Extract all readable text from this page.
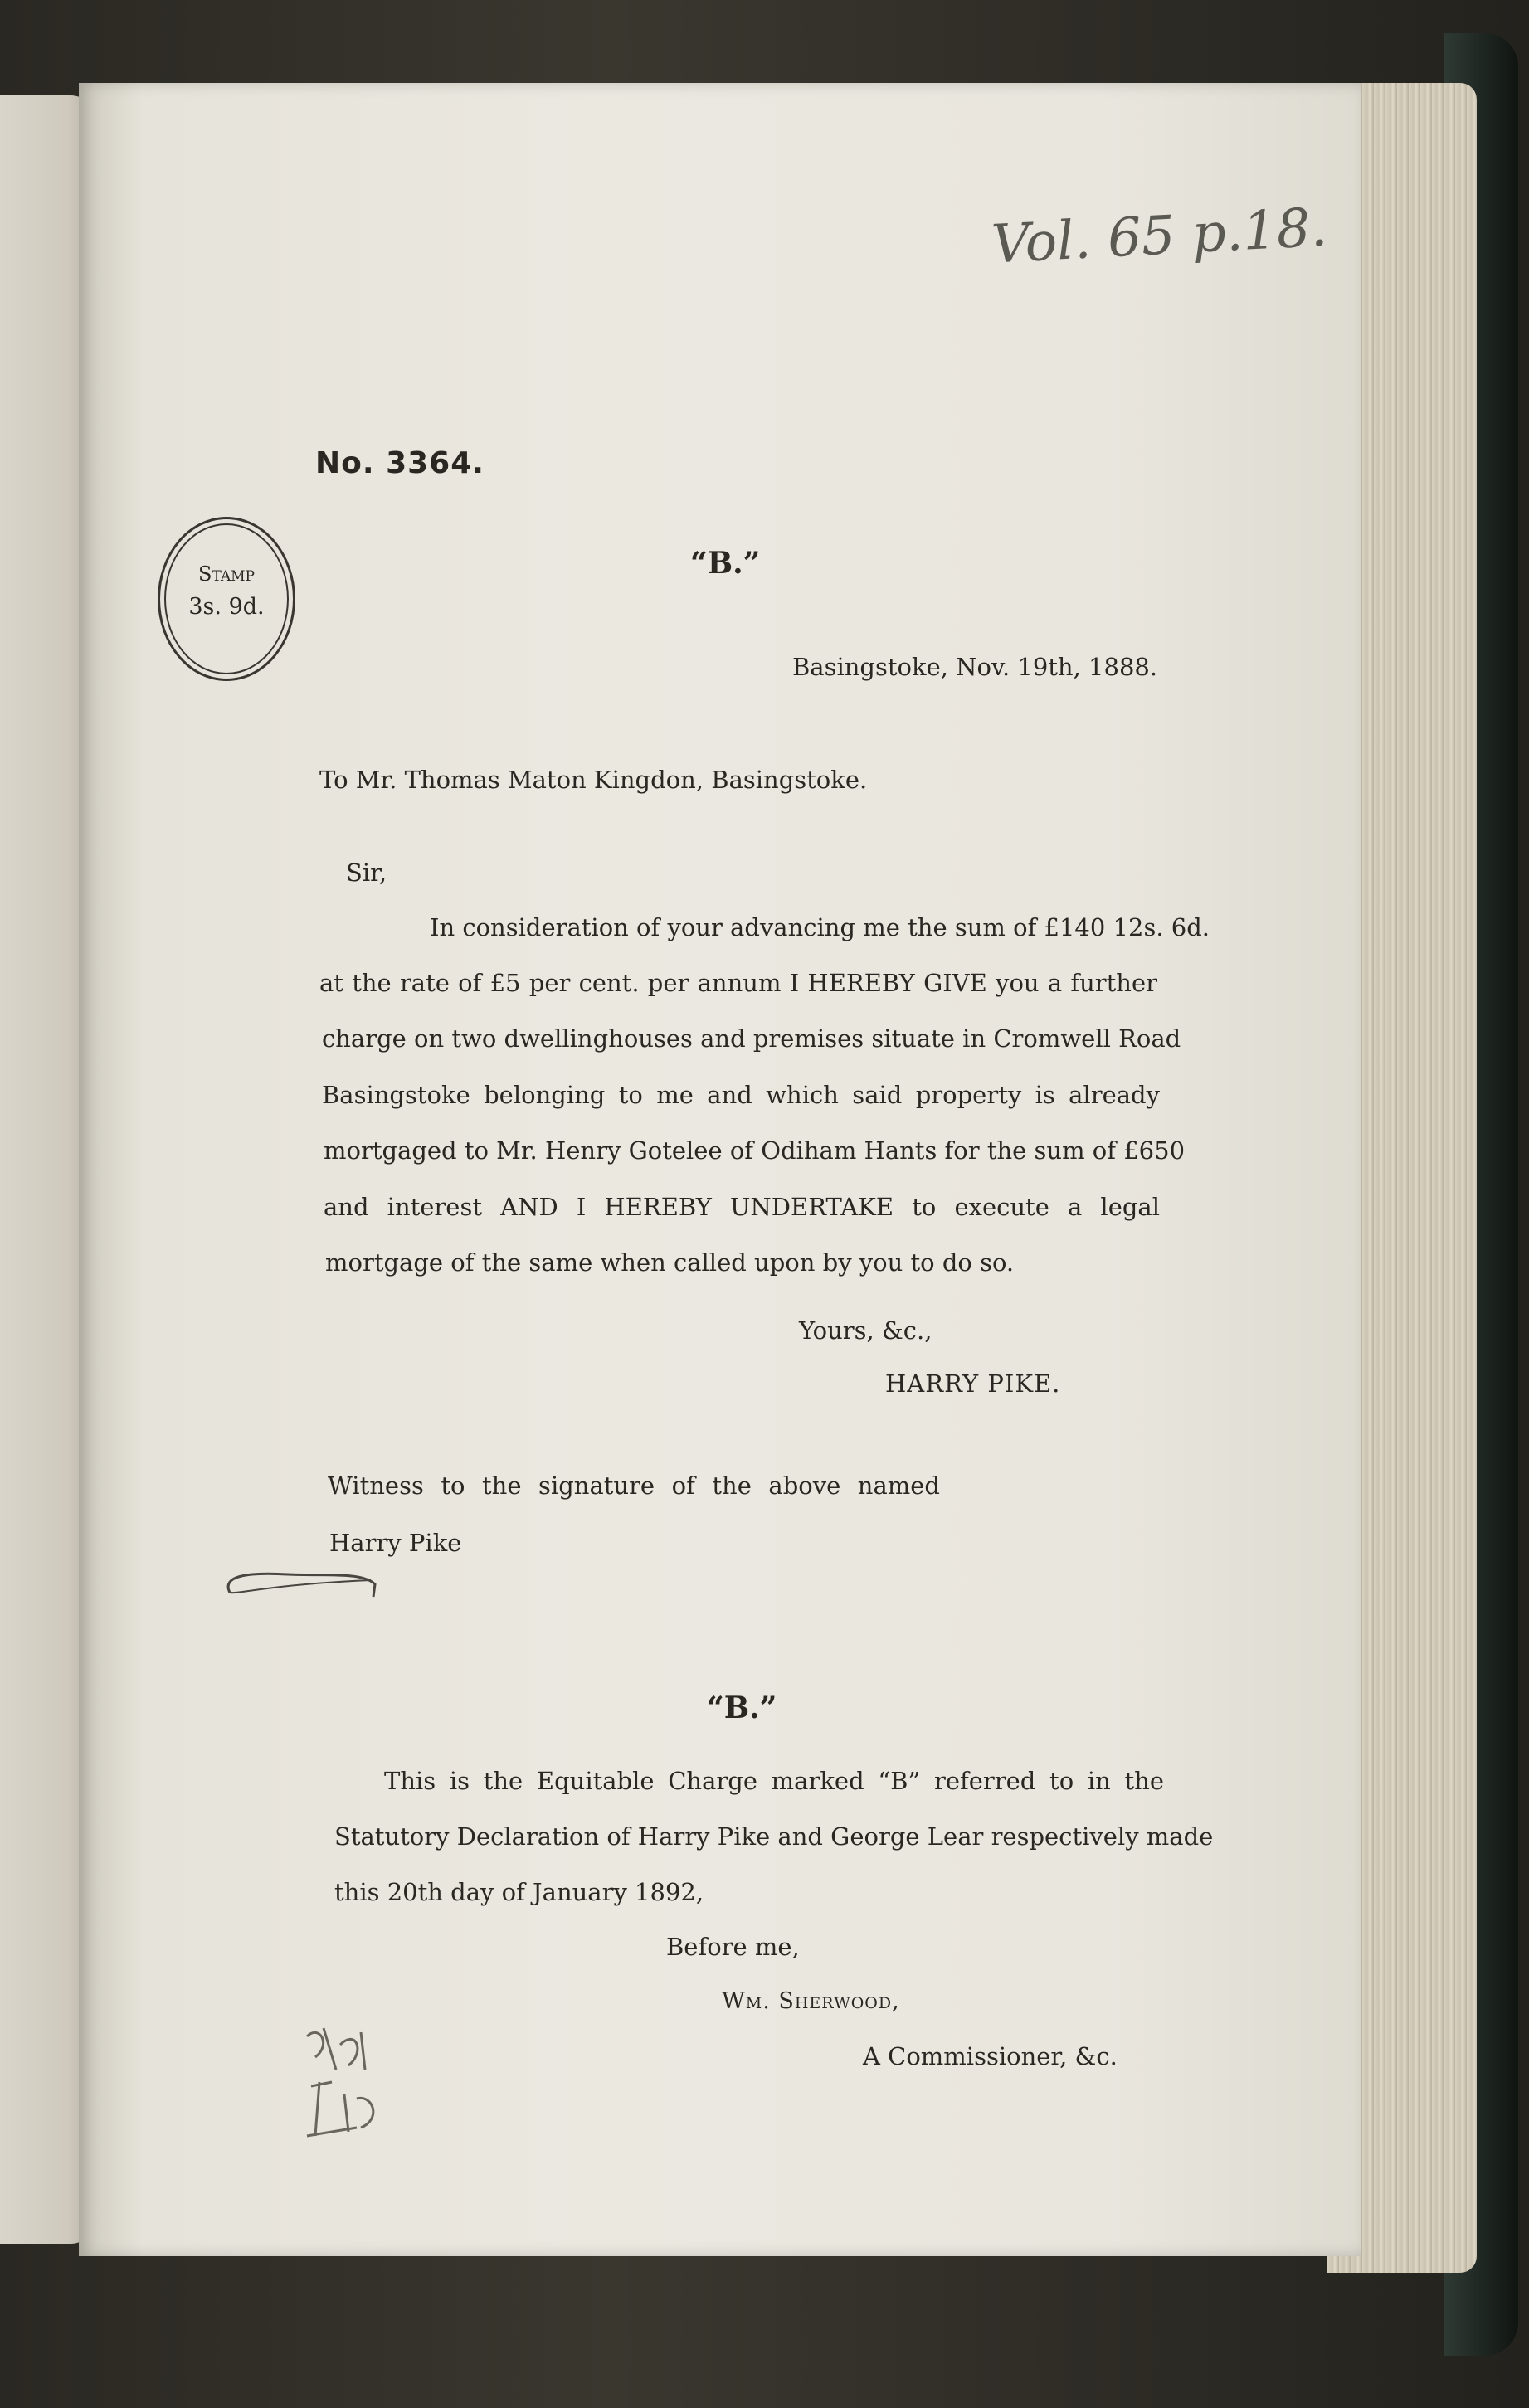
Vol. 65 p.18.
No. 3364.
Stamp
3s. 9d.
“B.”
Basingstoke, Nov. 19th, 1888.
To Mr. Thomas Maton Kingdon, Basingstoke.
Sir,
In consideration of your advancing me the sum of £140 12s. 6d.
at the rate of £5 per cent. per annum I HEREBY GIVE you a further
charge on two dwellinghouses and premises situate in Cromwell Road
Basingstoke belonging to me and which said property is already
mortgaged to Mr. Henry Gotelee of Odiham Hants for the sum of £650
and interest AND I HEREBY UNDERTAKE to execute a legal
mortgage of the same when called upon by you to do so.
Yours, &c.,
HARRY PIKE.
Witness to the signature of the above named
Harry Pike
“B.”
This is the Equitable Charge marked “B” referred to in the
Statutory Declaration of Harry Pike and George Lear respectively made
this 20th day of January 1892,
Before me,
Wm. Sherwood,
A Commissioner, &c.
